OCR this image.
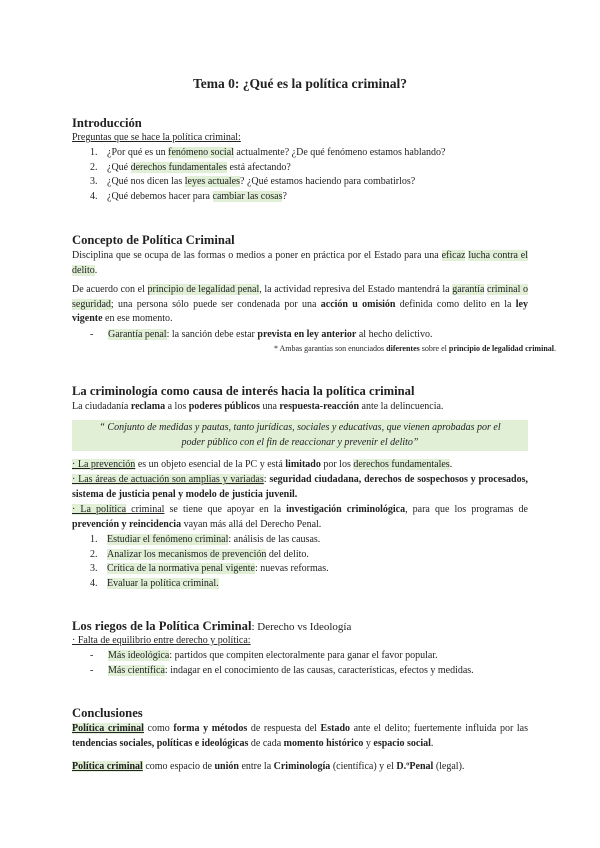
Tema 0: ¿Qué es la política criminal?
Introducción
Preguntas que se hace la política criminal:
1. ¿Por qué es un fenómeno social actualmente? ¿De qué fenómeno estamos hablando?
2. ¿Qué derechos fundamentales está afectando?
3. ¿Qué nos dicen las leyes actuales? ¿Qué estamos haciendo para combatirlos?
4. ¿Qué debemos hacer para cambiar las cosas?
Concepto de Política Criminal
Disciplina que se ocupa de las formas o medios a poner en práctica por el Estado para una eficaz lucha contra el delito.
De acuerdo con el principio de legalidad penal, la actividad represiva del Estado mantendrá la garantía criminal o seguridad; una persona sólo puede ser condenada por una acción u omisión definida como delito en la ley vigente en ese momento.
-	Garantía penal: la sanción debe estar prevista en ley anterior al hecho delictivo.
* Ambas garantías son enunciados diferentes sobre el principio de legalidad criminal.
La criminología como causa de interés hacia la política criminal
La ciudadanía reclama a los poderes públicos una respuesta-reacción ante la delincuencia.
“ Conjunto de medidas y pautas, tanto jurídicas, sociales y educativas, que vienen aprobadas por el
poder público con el fin de reaccionar y prevenir el delito”
· La prevención es un objeto esencial de la PC y está limitado por los derechos fundamentales.
· Las áreas de actuación son amplias y variadas: seguridad ciudadana, derechos de sospechosos y procesados, sistema de justicia penal y modelo de justicia juvenil.
· La política criminal se tiene que apoyar en la investigación criminológica, para que los programas de prevención y reincidencia vayan más allá del Derecho Penal.
1. Estudiar el fenómeno criminal: análisis de las causas.
2. Analizar los mecanismos de prevención del delito.
3. Crítica de la normativa penal vigente: nuevas reformas.
4. Evaluar la política criminal.
Los riegos de la Política Criminal: Derecho vs Ideología
· Falta de equilibrio entre derecho y política:
-	Más ideológica: partidos que compiten electoralmente para ganar el favor popular.
-	Más científica: indagar en el conocimiento de las causas, características, efectos y medidas.
Conclusiones
Política criminal como forma y métodos de respuesta del Estado ante el delito; fuertemente influida por las tendencias sociales, políticas e ideológicas de cada momento histórico y espacio social.
Política criminal como espacio de unión entre la Criminología (científica) y el D.ºPenal (legal).
